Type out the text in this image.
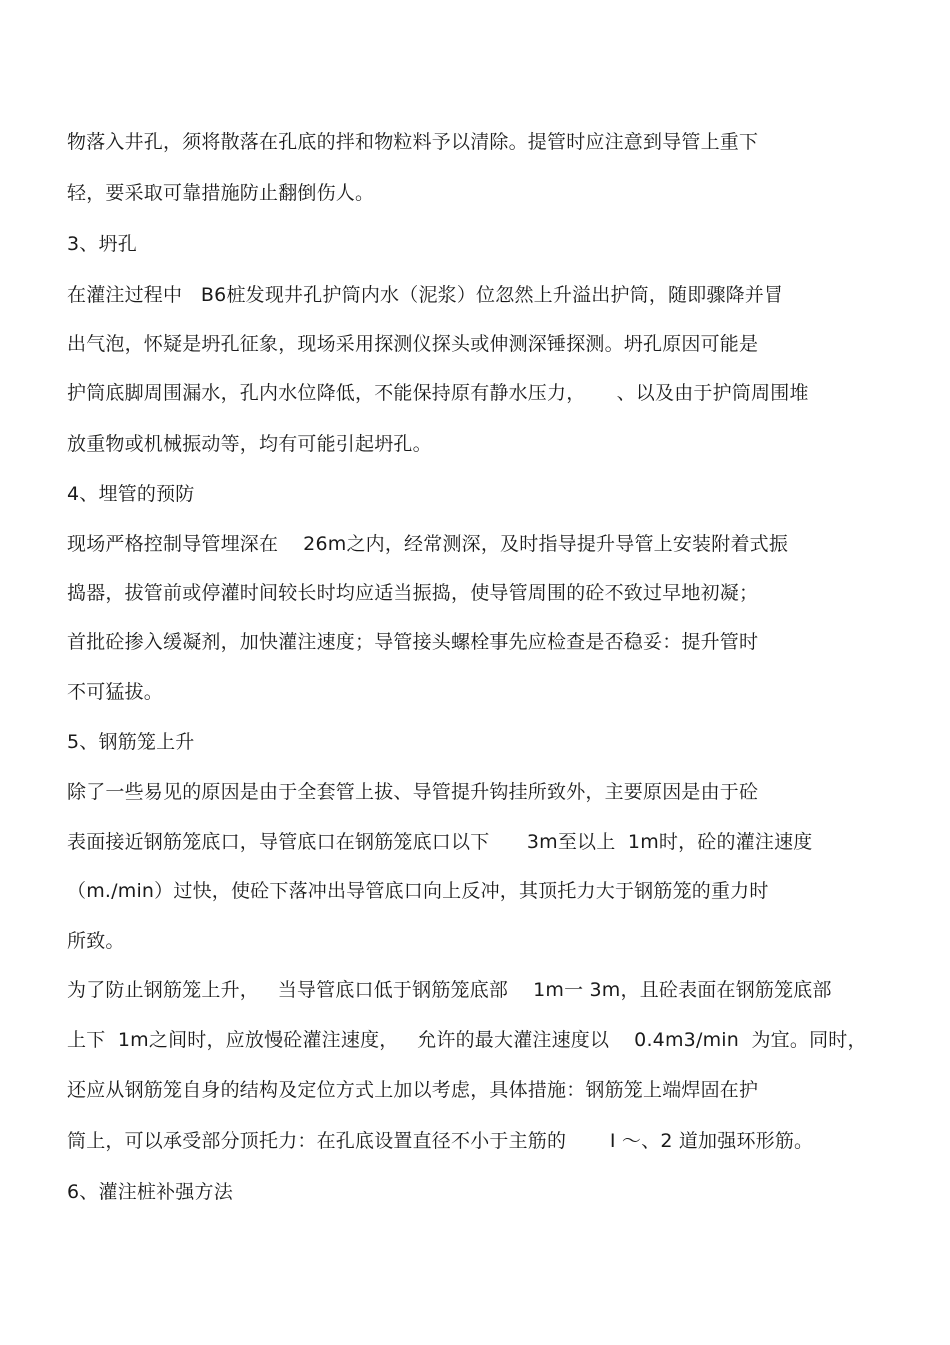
物落入井孔，须将散落在孔底的拌和物粒料予以清除。提管时应注意到导管上重下
轻，要采取可靠措施防止翻倒伤人。
3、坍孔
在灌注过程中   B6桩发现井孔护筒内水（泥浆）位忽然上升溢出护筒，随即骤降并冒
出气泡，怀疑是坍孔征象，现场采用探测仪探头或伸测深锤探测。坍孔原因可能是
护筒底脚周围漏水，孔内水位降低，不能保持原有静水压力，     、以及由于护筒周围堆
放重物或机械振动等，均有可能引起坍孔。
4、埋管的预防
现场严格控制导管埋深在    26m之内，经常测深，及时指导提升导管上安装附着式振
捣器，拔管前或停灌时间较长时均应适当振捣，使导管周围的砼不致过早地初凝；
首批砼掺入缓凝剂，加快灌注速度；导管接头螺栓事先应检查是否稳妥：提升管时
不可猛拔。
5、钢筋笼上升
除了一些易见的原因是由于全套管上拔、导管提升钩挂所致外，主要原因是由于砼
表面接近钢筋笼底口，导管底口在钢筋笼底口以下      3m至以上  1m时，砼的灌注速度
（m./min）过快，使砼下落冲出导管底口向上反冲，其顶托力大于钢筋笼的重力时
所致。
为了防止钢筋笼上升，   当导管底口低于钢筋笼底部    1m一 3m，且砼表面在钢筋笼底部
上下  1m之间时，应放慢砼灌注速度，   允许的最大灌注速度以    0.4m3/min  为宜。同时，
还应从钢筋笼自身的结构及定位方式上加以考虑，具体措施：钢筋笼上端焊固在护
筒上，可以承受部分顶托力：在孔底设置直径不小于主筋的       I ～、2 道加强环形筋。
6、灌注桩补强方法
